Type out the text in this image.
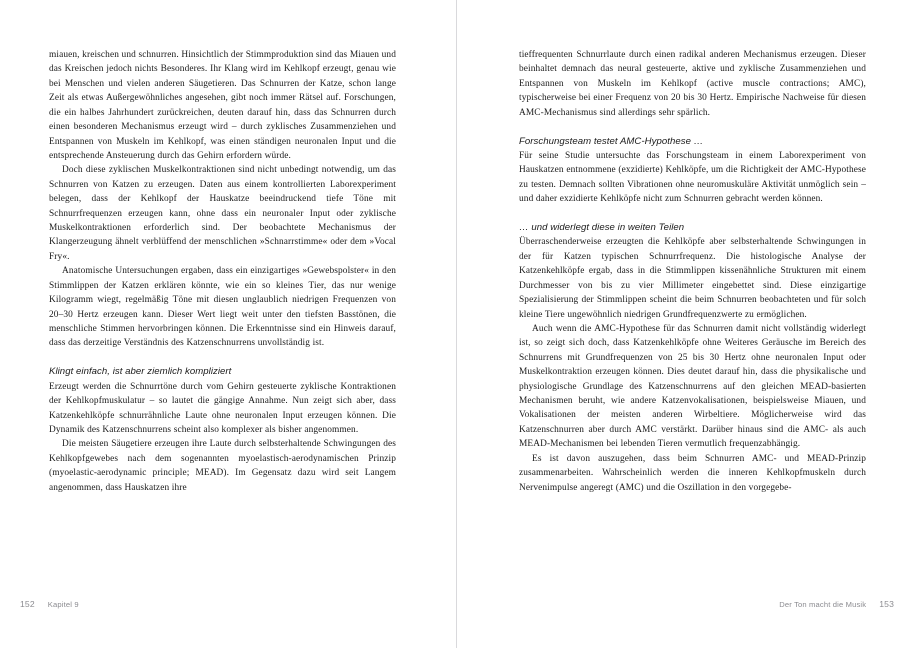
miauen, kreischen und schnurren. Hinsichtlich der Stimmproduktion sind das Miauen und das Kreischen jedoch nichts Besonderes. Ihr Klang wird im Kehlkopf erzeugt, genau wie bei Menschen und vielen anderen Säugetieren. Das Schnurren der Katze, schon lange Zeit als etwas Außergewöhnliches angesehen, gibt noch immer Rätsel auf. Forschungen, die ein halbes Jahrhundert zurückreichen, deuten darauf hin, dass das Schnurren durch einen besonderen Mechanismus erzeugt wird – durch zyklisches Zusammenziehen und Entspannen von Muskeln im Kehlkopf, was einen ständigen neuronalen Input und die entsprechende Ansteuerung durch das Gehirn erfordern würde.

Doch diese zyklischen Muskelkontraktionen sind nicht unbedingt notwendig, um das Schnurren von Katzen zu erzeugen. Daten aus einem kontrollierten Laborexperiment belegen, dass der Kehlkopf der Hauskatze beeindruckend tiefe Töne mit Schnurrfrequenzen erzeugen kann, ohne dass ein neuronaler Input oder zyklische Muskelkontraktionen erforderlich sind. Der beobachtete Mechanismus der Klangerzeugung ähnelt verblüffend der menschlichen »Schnarrstimme« oder dem »Vocal Fry«.

Anatomische Untersuchungen ergaben, dass ein einzigartiges »Gewebspolster« in den Stimmlippen der Katzen erklären könnte, wie ein so kleines Tier, das nur wenige Kilogramm wiegt, regelmäßig Töne mit diesen unglaublich niedrigen Frequenzen von 20–30 Hertz erzeugen kann. Dieser Wert liegt weit unter den tiefsten Basstönen, die menschliche Stimmen hervorbringen können. Die Erkenntnisse sind ein Hinweis darauf, dass das derzeitige Verständnis des Katzenschnurrens unvollständig ist.

Klingt einfach, ist aber ziemlich kompliziert

Erzeugt werden die Schnurrtöne durch vom Gehirn gesteuerte zyklische Kontraktionen der Kehlkopfmuskulatur – so lautet die gängige Annahme. Nun zeigt sich aber, dass Katzenkehlköpfe schnurrähnliche Laute ohne neuronalen Input erzeugen können. Die Dynamik des Katzenschnurrens scheint also komplexer als bisher angenommen.

Die meisten Säugetiere erzeugen ihre Laute durch selbsterhaltende Schwingungen des Kehlkopfgewebes nach dem sogenannten myoelastisch-aerodynamischen Prinzip (myoelastic-aerodynamic principle; MEAD). Im Gegensatz dazu wird seit Langem angenommen, dass Hauskatzen ihre

152 Kapitel 9

tieffrequenten Schnurrlaute durch einen radikal anderen Mechanismus erzeugen. Dieser beinhaltet demnach das neural gesteuerte, aktive und zyklische Zusammenziehen und Entspannen von Muskeln im Kehlkopf (active muscle contractions; AMC), typischerweise bei einer Frequenz von 20 bis 30 Hertz. Empirische Nachweise für diesen AMC-Mechanismus sind allerdings sehr spärlich.

Forschungsteam testet AMC-Hypothese …

Für seine Studie untersuchte das Forschungsteam in einem Laborexperiment von Hauskatzen entnommene (exzidierte) Kehlköpfe, um die Richtigkeit der AMC-Hypothese zu testen. Demnach sollten Vibrationen ohne neuromuskuläre Aktivität unmöglich sein – und daher exzidierte Kehlköpfe nicht zum Schnurren gebracht werden können.

… und widerlegt diese in weiten Teilen

Überraschenderweise erzeugten die Kehlköpfe aber selbsterhaltende Schwingungen in der für Katzen typischen Schnurrfrequenz. Die histologische Analyse der Katzenkehlköpfe ergab, dass in die Stimmlippen kissenähnliche Strukturen mit einem Durchmesser von bis zu vier Millimeter eingebettet sind. Diese einzigartige Spezialisierung der Stimmlippen scheint die beim Schnurren beobachteten und für solch kleine Tiere ungewöhnlich niedrigen Grundfrequenzwerte zu ermöglichen.

Auch wenn die AMC-Hypothese für das Schnurren damit nicht vollständig widerlegt ist, so zeigt sich doch, dass Katzenkehlköpfe ohne Weiteres Geräusche im Bereich des Schnurrens mit Grundfrequenzen von 25 bis 30 Hertz ohne neuronalen Input oder Muskelkontraktion erzeugen können. Dies deutet darauf hin, dass die physikalische und physiologische Grundlage des Katzenschnurrens auf den gleichen MEAD-basierten Mechanismen beruht, wie andere Katzenvokalisationen, beispielsweise Miauen, und Vokalisationen der meisten anderen Wirbeltiere. Möglicherweise wird das Katzenschnurren aber durch AMC verstärkt. Darüber hinaus sind die AMC- als auch MEAD-Mechanismen bei lebenden Tieren vermutlich frequenzabhängig.

Es ist davon auszugehen, dass beim Schnurren AMC- und MEAD-Prinzip zusammenarbeiten. Wahrscheinlich werden die inneren Kehlkopfmuskeln durch Nervenimpulse angeregt (AMC) und die Oszillation in den vorgegebe-

Der Ton macht die Musik 153
